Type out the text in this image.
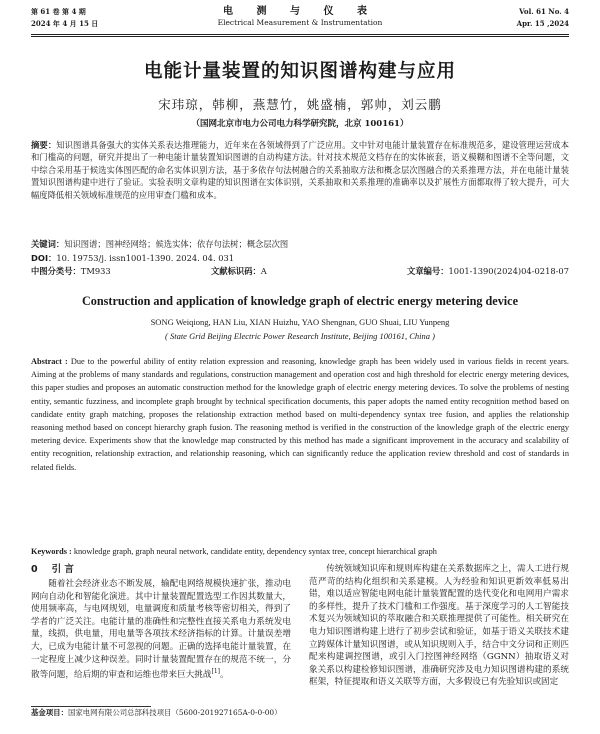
第 61 卷 第 4 期
2024 年 4 月 15 日
电 测 与 仪 表
Electrical Measurement & Instrumentation
Vol. 61 No. 4
Apr. 15 ,2024
电能计量装置的知识图谱构建与应用
宋玮琼，韩柳，燕慧竹，姚盛楠，郭帅，刘云鹏
（国网北京市电力公司电力科学研究院，北京 100161）

摘要：知识图谱具备强大的实体关系表达推理能力，近年来在各领域得到了广泛应用。文中针对电能计量装置存在标准规范多，建设管理运营成本和门槛高的问题，研究并提出了一种电能计量装置知识图谱的自动构建方法。针对技术规范文档存在的实体嵌套，语义模糊和图谱不全等问题，文中综合采用基于候选实体图匹配的命名实体识别方法，基于多依存句法树融合的关系抽取方法和概念层次图融合的关系推理方法，并在电能计量装置知识图谱构建中进行了验证。实验表明文章构建的知识图谱在实体识别，关系抽取和关系推理的准确率以及扩展性方面都取得了较大提升，可大幅度降低相关领域标准规范的应用审查门槛和成本。

关键词：知识图谱；图神经网络；候选实体；依存句法树；概念层次图

DOI：10. 19753/j. issn1001-1390. 2024. 04. 031

中图分类号：TM933	文献标识码：A	文章编号：1001-1390(2024)04-0218-07
Construction and application of knowledge graph of electric energy metering device
SONG Weiqiong, HAN Liu, XIAN Huizhu, YAO Shengnan, GUO Shuai, LIU Yunpeng
( State Grid Beijing Electric Power Research Institute, Beijing 100161, China )

Abstract : Due to the powerful ability of entity relation expression and reasoning, knowledge graph has been widely used in various fields in recent years. Aiming at the problems of many standards and regulations, construction management and operation cost and high threshold for electric energy metering devices, this paper studies and proposes an automatic construction method for the knowledge graph of electric energy metering devices. To solve the problems of nesting entity, semantic fuzziness, and incomplete graph brought by technical specification documents, this paper adopts the named entity recognition method based on candidate entity graph matching, proposes the relationship extraction method based on multi-dependency syntax tree fusion, and applies the relationship reasoning method based on concept hierarchy graph fusion. The reasoning method is verified in the construction of the knowledge graph of the electric energy metering device. Experiments show that the knowledge map constructed by this method has made a significant improvement in the accuracy and scalability of entity recognition, relationship extraction, and relationship reasoning, which can significantly reduce the application review threshold and cost of standards in related fields.

Keywords : knowledge graph, graph neural network, candidate entity, dependency syntax tree, concept hierarchical graph

0 引 言

随着社会经济业态不断发展，输配电网络规模快速扩张，推动电网向自动化和智能化演进。其中计量装置配置选型工作因其数量大，使用频率高，与电网规划，电量调度和质量考核等密切相关，得到了学者的广泛关注。电能计量的准确性和完整性直接关系电力系统发电量，线损，供电量，用电量等各项技术经济指标的计算。计量误差增大，已成为电能计量不可忽视的问题。正确的选择电能计量装置，在一定程度上减少这种误差。同时计量装置配置存在的规范不统一，分散等问题，给后期的审查和运维也带来巨大挑战[1]。

传统领域知识库和规则库构建在关系数据库之上，需人工进行规范严苛的结构化组织和关系建模。人为经验和知识更新效率低易出错，难以适应智能电网电能计量装置配置的迭代变化和电网用户需求的多样性，提升了技术门槛和工作强度。基于深度学习的人工智能技术复兴为领域知识的萃取融合和关联推理提供了可能性。相关研究在电力知识图谱构建上进行了初步尝试和验证，如基于语义关联技术建立跨媒体计量知识图谱，或从知识规则入手，结合中文分词和正则匹配来构建调控图谱，或引入门控图神经网络（GGNN）抽取语义对象关系以构建检修知识图谱，准确研究涉及电力知识图谱构建的系统框架，特征提取和语义关联等方面，大多假设已有先验知识或固定

基金项目：国家电网有限公司总部科技项目（5600-201927165A-0-0-00）
